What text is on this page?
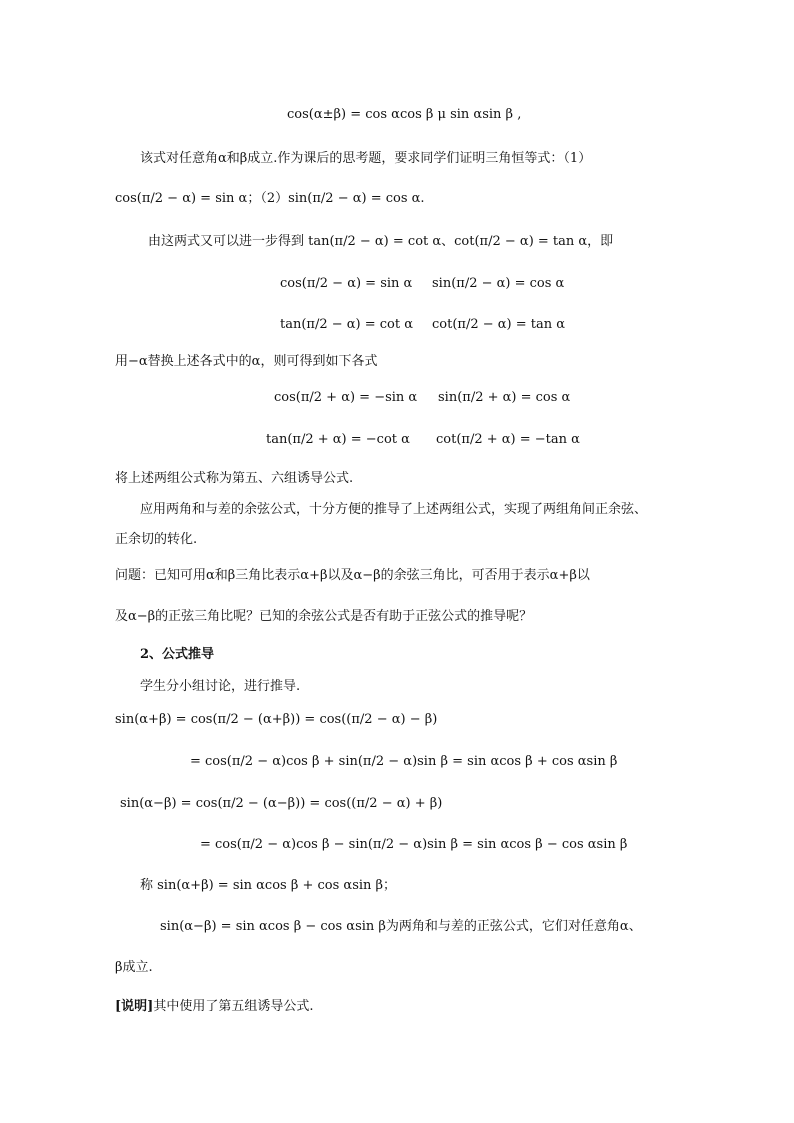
cos(α±β) = cos αcos β μ sin αsin β ,
该式对任意角α和β成立.作为课后的思考题，要求同学们证明三角恒等式：（1）
cos(π/2 − α) = sin α；（2）sin(π/2 − α) = cos α.
由这两式又可以进一步得到 tan(π/2 − α) = cot α、cot(π/2 − α) = tan α，即
cos(π/2 − α) = sin α sin(π/2 − α) = cos α
tan(π/2 − α) = cot α cot(π/2 − α) = tan α
用−α替换上述各式中的α，则可得到如下各式
cos(π/2 + α) = −sin α sin(π/2 + α) = cos α
tan(π/2 + α) = −cot α cot(π/2 + α) = −tan α
将上述两组公式称为第五、六组诱导公式.
应用两角和与差的余弦公式，十分方便的推导了上述两组公式，实现了两组角间正余弦、
正余切的转化.
问题：已知可用α和β三角比表示α+β以及α−β的余弦三角比，可否用于表示α+β以
及α−β的正弦三角比呢？已知的余弦公式是否有助于正弦公式的推导呢？
2、公式推导
学生分小组讨论，进行推导.
sin(α+β) = cos(π/2 − (α+β)) = cos((π/2 − α) − β)
= cos(π/2 − α)cos β + sin(π/2 − α)sin β = sin αcos β + cos αsin β
sin(α−β) = cos(π/2 − (α−β)) = cos((π/2 − α) + β)
= cos(π/2 − α)cos β − sin(π/2 − α)sin β = sin αcos β − cos αsin β
称 sin(α+β) = sin αcos β + cos αsin β；
sin(α−β) = sin αcos β − cos αsin β为两角和与差的正弦公式，它们对任意角α、
β成立.
[说明]其中使用了第五组诱导公式.
